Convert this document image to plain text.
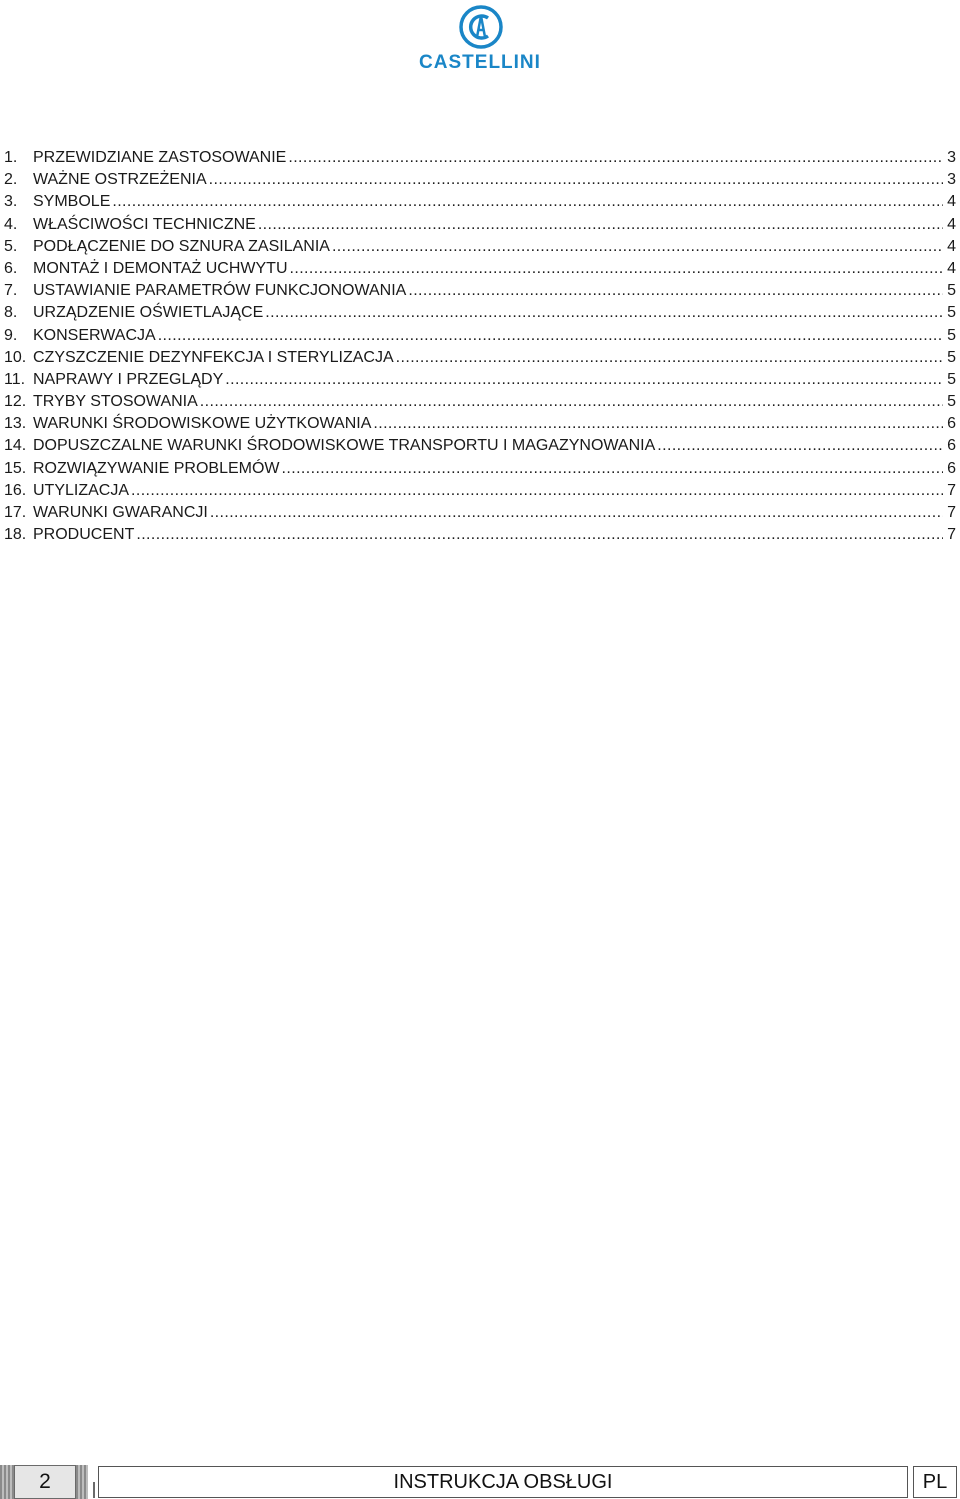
CASTELLINI
1. PRZEWIDZIANE ZASTOSOWANIE .....	3
2. WAŻNE OSTRZEŻENIA .....	3
3. SYMBOLE .....	4
4. WŁAŚCIWOŚCI TECHNICZNE .....	4
5. PODŁĄCZENIE DO SZNURA ZASILANIA .....	4
6. MONTAŻ I DEMONTAŻ UCHWYTU .....	4
7. USTAWIANIE PARAMETRÓW FUNKCJONOWANIA .....	5
8. URZĄDZENIE OŚWIETLAJĄCE .....	5
9. KONSERWACJA .....	5
10. CZYSZCZENIE DEZYNFEKCJA I STERYLIZACJA .....	5
11. NAPRAWY I PRZEGLĄDY .....	5
12. TRYBY STOSOWANIA .....	5
13. WARUNKI ŚRODOWISKOWE UŻYTKOWANIA .....	6
14. DOPUSZCZALNE WARUNKI ŚRODOWISKOWE TRANSPORTU I MAGAZYNOWANIA .....	6
15. ROZWIĄZYWANIE PROBLEMÓW .....	6
16. UTYLIZACJA .....	7
17. WARUNKI GWARANCJI .....	7
18. PRODUCENT .....	7
2	INSTRUKCJA OBSŁUGI	PL
